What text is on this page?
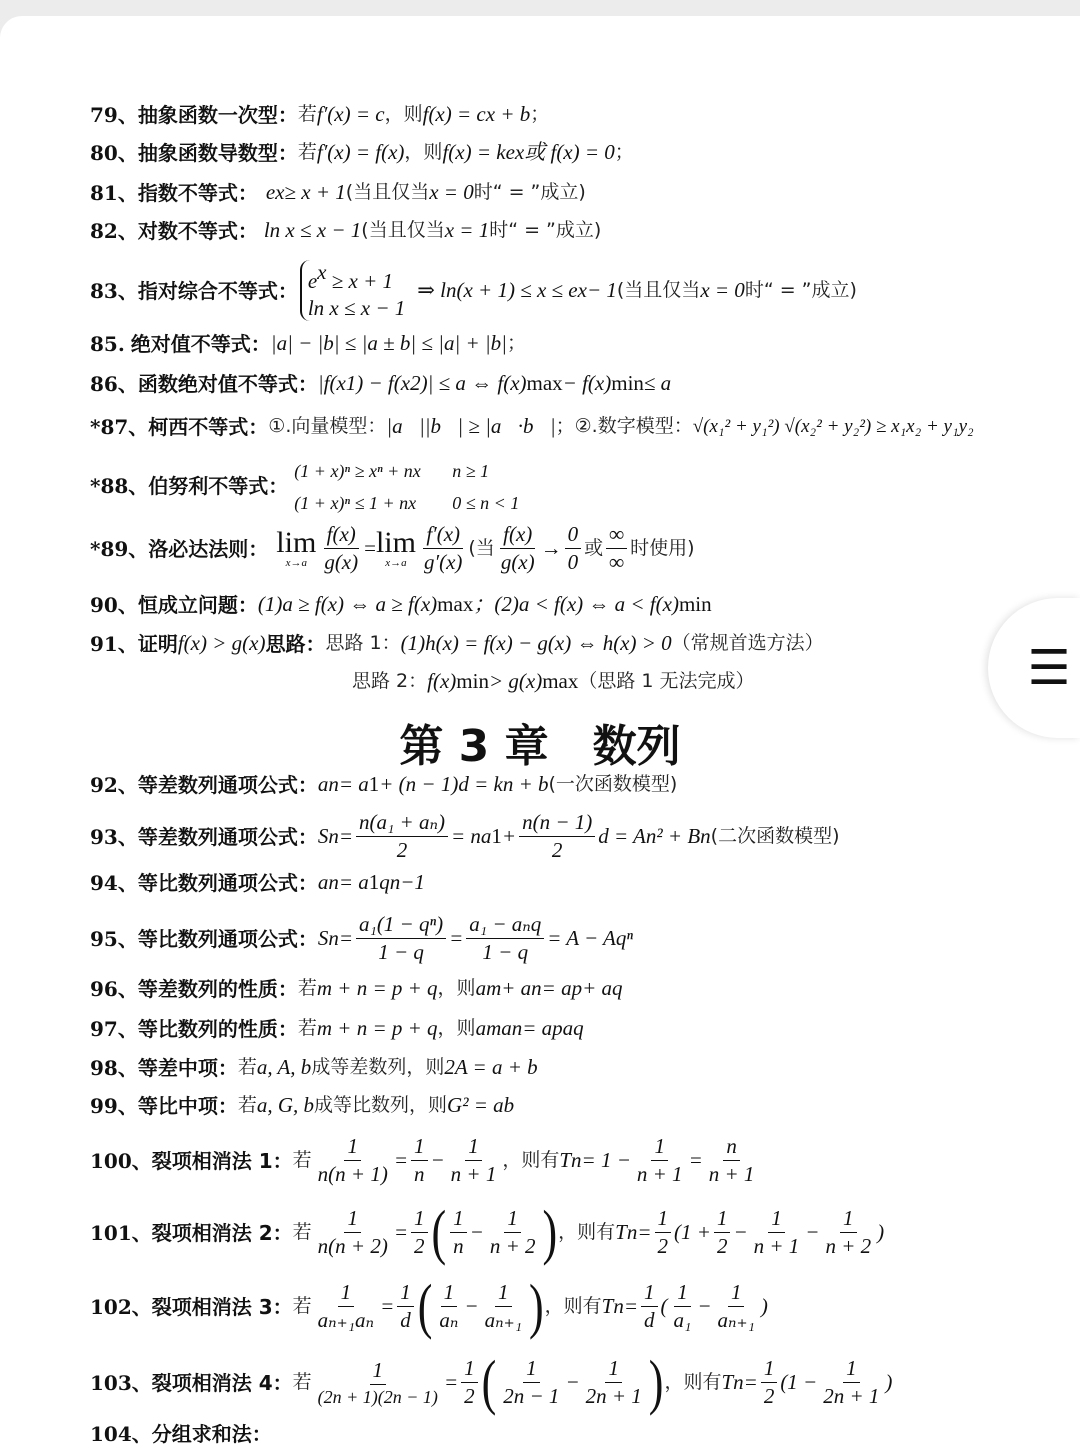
79、 抽象函数一次型： 若 f′(x) = c ，则 f(x) = cx + b ；
80、 抽象函数导数型： 若 f′(x) = f(x) ，则 f(x) = ke x 或 f(x) = 0 ；
81、 指数不等式： e x ≥ x + 1 (当且仅当 x = 0 时“ = ”成立)
82、 对数不等式： ln x ≤ x − 1 (当且仅当 x = 1 时“ = ”成立)
83、 指对综合不等式： $e^x \ge x + 1$
ln x ≤ x − 1
⇒ ln(x + 1) ≤ x ≤ e x − 1 (当且仅当 x = 0 时“ = ”成立)
85. 绝对值不等式： |a| − |b| ≤ |a ± b| ≤ |a| + |b| ；
86、 函数绝对值不等式： |f(x 1 ) − f(x 2 )| ≤ a ⇔ f(x) max − f(x) min ≤ a
*87、 柯西不等式： ①.向量模型： |a⃗||b⃗| ≥ |a⃗·b⃗| ；②.数字模型： √(x₁² + y₁²) √(x₂² + y₂²) ≥ x₁x₂ + y₁y₂
*88、 伯努利不等式：
(1 + x)ⁿ ≥ xⁿ + nx n ≥ 1
(1 + x)ⁿ ≤ 1 + nx 0 ≤ n < 1
*89、 洛必达法则： lim
$x\to a \frac{f(x)}{g(x)} = \lim$
$x\to a \frac{f'(x)}{g'(x)}$ (当 $\frac{f(x)}{g(x)} \to \frac{0}{0}$ 或 $\frac{\infty}{\infty}$ 时使用)
90、 恒成立问题： (1)a ≥ f(x) ⇔ a ≥ f(x) max ；(2)a < f(x) ⇔ a < f(x) min
91、 证明 f(x) > g(x) 思路： 思路 1： (1)h(x) = f(x) − g(x) ⇔ h(x) > 0 （常规首选方法）
思路 2： f(x) min > g(x) max （思路 1 无法完成）
第 3 章　数列
92、 等差数列通项公式： a n = a 1 + (n − 1)d = kn + b (一次函数模型)
93、 等差数列通项公式： S $n = \frac{\text{n(a₁ + aₙ)}}{2}$ = na $1 + \frac{n(n - 1)}{2}$ d = An² + Bn (二次函数模型)
94、 等比数列通项公式： a n = a 1 q n−1
95、 等比数列通项公式： S $n = \frac{\text{a₁(1 − qⁿ)}}{1 - q} = \frac{\text{a₁ − aₙq}}{1 - q} = A - Aq^n$
96、 等差数列的性质： 若 m + n = p + q ，则 a m + a n = a p + a q
97、 等比数列的性质： 若 m + n = p + q ，则 a m a n = a p a q
98、 等差中项： 若 a, A, b 成等差数列，则 2A = a + b
99、 等比中项： 若 a, G, b 成等比数列，则 G² = ab
100、 裂项相消法 1： 若 $\frac{1}{n(n + 1)} = \frac{1}{n} - \frac{1}{n + 1}$ ，则有 T $n = 1 - \frac{1}{n + 1} = \frac{n}{n + 1}$
101、 裂项相消法 2： 若 $\frac{1}{n(n + 2)} = \frac{1}{2}$ ( $\frac{1}{n} - \frac{1}{n + 2}$ ) ，则有 T $n = \frac{1}{2} (1 + \frac{1}{2} - \frac{1}{n + 1} - \frac{1}{n + 2}$ )
102、 裂项相消法 3： 若 $\frac{1}{\text{aₙ₊₁aₙ}} = \frac{1}{d}$ ( $\frac{1}{\text{aₙ}} - \frac{1}{\text{aₙ₊₁}}$ ) ，则有 T $n = \frac{1}{d}$ ( $\frac{1}{\text{a₁}} - \frac{1}{\text{aₙ₊₁}}$ )
103、 裂项相消法 4： 若 $\frac{1}{(2n + 1)(2n - 1)} = \frac{1}{2}$ ( $\frac{1}{2n - 1} - \frac{1}{2n + 1}$ ) ，则有 T $n = \frac{1}{2} (1 - \frac{1}{2n + 1}$ )
104、 分组求和法：
☰
